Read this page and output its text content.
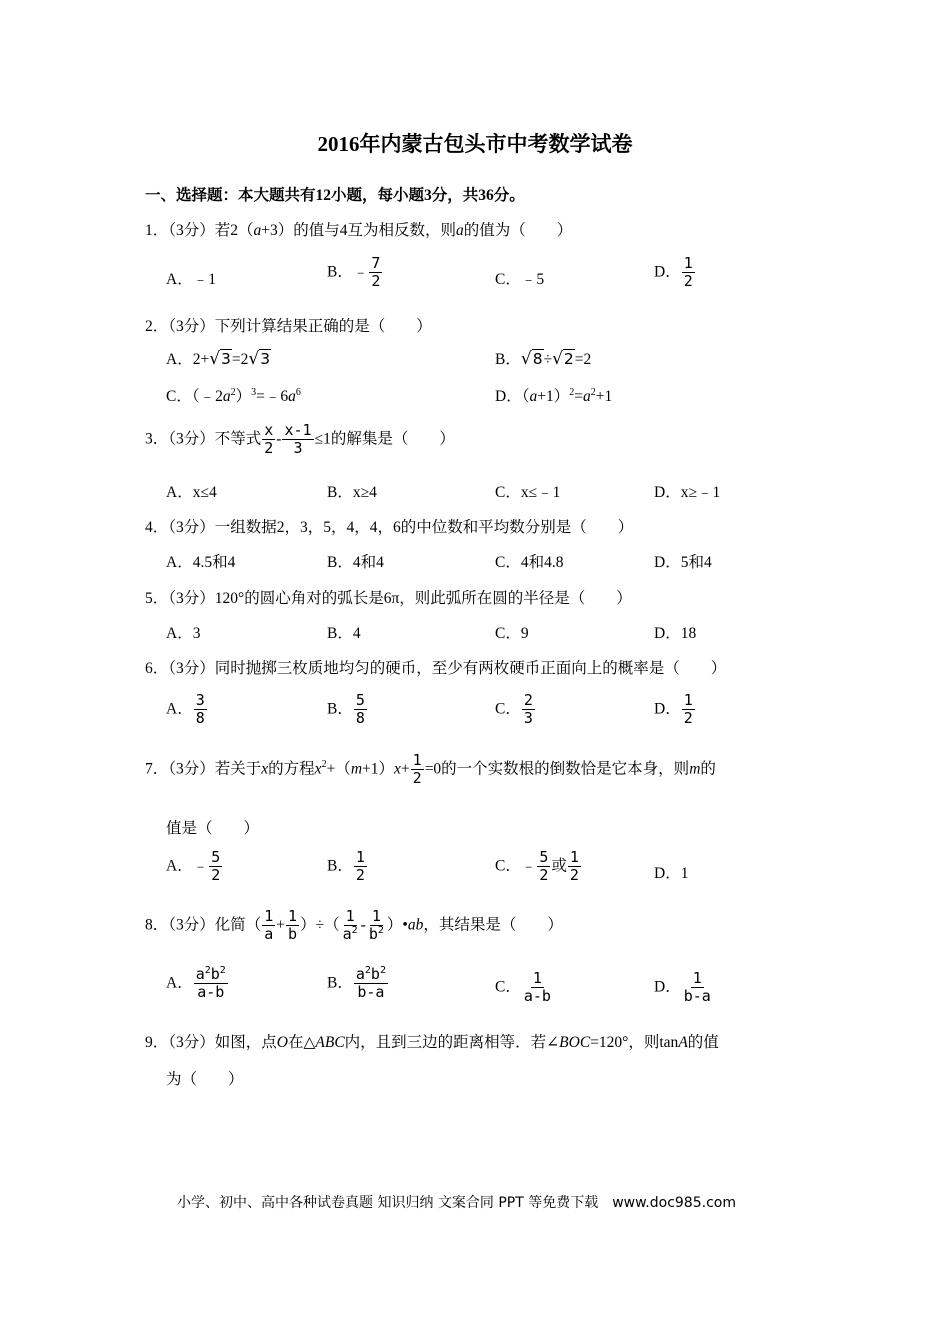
2016年内蒙古包头市中考数学试卷
一、选择题：本大题共有12小题，每小题3分，共36分。
1．（3分）若2（a+3）的值与4互为相反数，则a的值为（　　）
A．﹣1	B．﹣ $\frac{7}{2}$	C．﹣5	D． $\frac{1}{2}$
2．（3分）下列计算结果正确的是（　　）
A．2+√3=2√3	B．√8÷√2=2
C．$(﹣2a^2)^3=﹣6a^6$	D．$(a+1)^2=a^2+1$
3．（3分）不等式 $\frac{x}{2} - \frac{x-1}{3} \le 1$的解集是（　　）
A．x≤4	B．x≥4	C．x≤﹣1	D．x≥﹣1
4．（3分）一组数据2，3，5，4，4，6的中位数和平均数分别是（　　）
A．4.5和4	B．4和4	C．4和4.8	D．5和4
5．（3分）120°的圆心角对的弧长是6π，则此弧所在圆的半径是（　　）
A．3	B．4	C．9	D．18
6．（3分）同时抛掷三枚质地均匀的硬币，至少有两枚硬币正面向上的概率是（　　）
A． $\frac{3}{8}$	B． $\frac{5}{8}$	C． $\frac{2}{3}$	D． $\frac{1}{2}$
7．（3分）若关于x的方程$x^2+(m+1)x+ \frac{1}{2} =0$的一个实数根的倒数恰是它本身，则m的
值是（　　）
A．﹣ $\frac{5}{2}$	B． $\frac{1}{2}$	C．﹣ $\frac{5}{2}$ 或 $\frac{1}{2}$	D．1
8．（3分）化简（ $\frac{1}{a} + \frac{1}{b}$ ）÷（ $\frac{1}{a^2} - \frac{1}{b^2}$ ）•ab，其结果是（　　）
A． $\frac{a^2b^2}{a-b}$	B． $\frac{a^2b^2}{b-a}$	C． $\frac{1}{a-b}$	D． $\frac{1}{b-a}$
9．（3分）如图，点O在△ABC内，且到三边的距离相等．若∠BOC=120°，则tanA的值
为（　　）
小学、初中、高中各种试卷真题 知识归纳 文案合同 PPT 等免费下载　www.doc985.com
